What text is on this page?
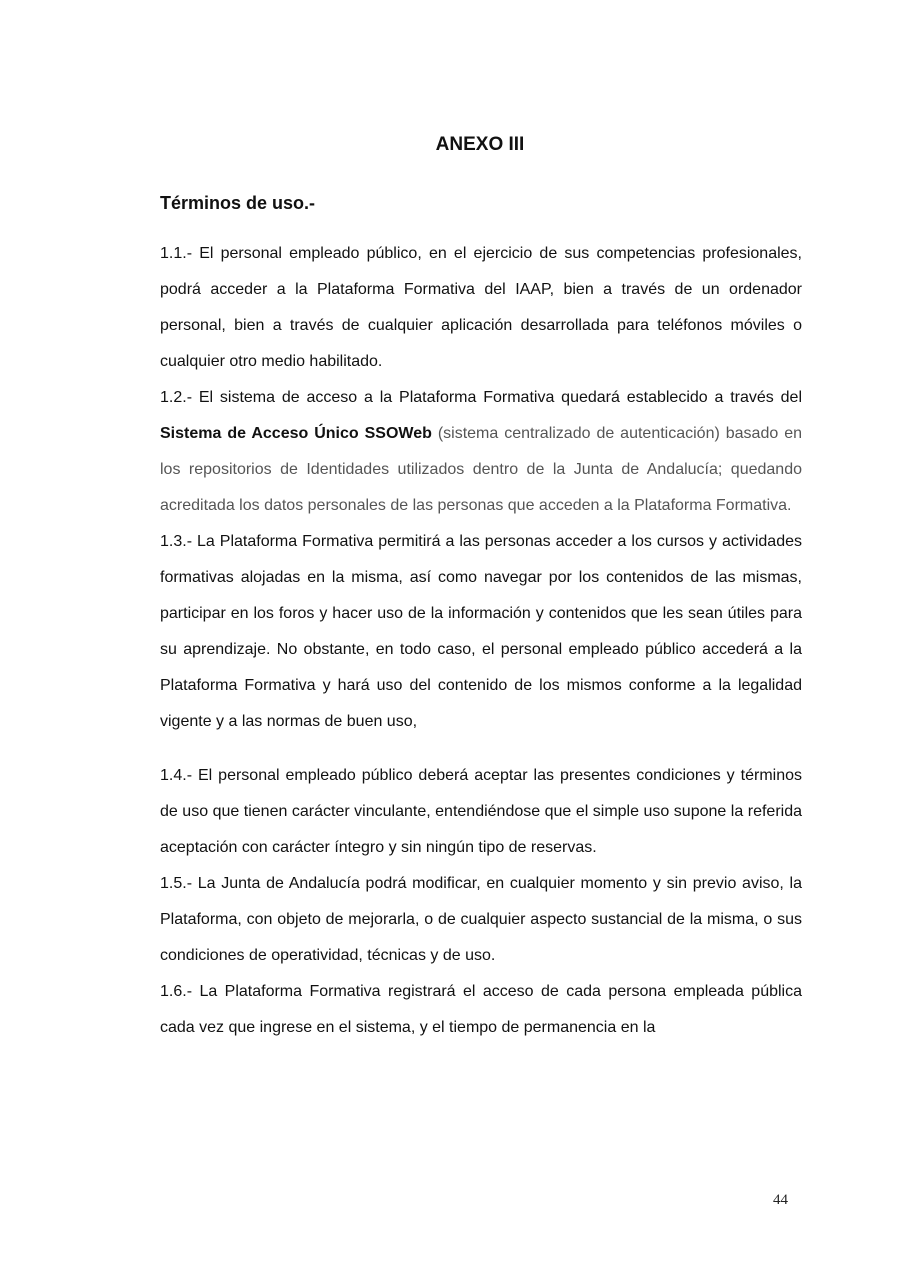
ANEXO III
Términos de uso.-

1.1.- El personal empleado público, en el ejercicio de sus competencias profesionales, podrá acceder a la Plataforma Formativa del IAAP, bien a través de un ordenador personal, bien a través de cualquier aplicación desarrollada para teléfonos móviles o cualquier otro medio habilitado.

1.2.- El sistema de acceso a la Plataforma Formativa quedará establecido a través del Sistema de Acceso Único SSOWeb (sistema centralizado de autenticación) basado en los repositorios de Identidades utilizados dentro de la Junta de Andalucía; quedando acreditada los datos personales de las personas que acceden a la Plataforma Formativa.

1.3.- La Plataforma Formativa permitirá a las personas acceder a los cursos y actividades formativas alojadas en la misma, así como navegar por los contenidos de las mismas, participar en los foros y hacer uso de la información y contenidos que les sean útiles para su aprendizaje. No obstante, en todo caso, el personal empleado público accederá a la Plataforma Formativa y hará uso del contenido de los mismos conforme a la legalidad vigente y a las normas de buen uso,

1.4.- El personal empleado público deberá aceptar las presentes condiciones y términos de uso que tienen carácter vinculante, entendiéndose que el simple uso supone la referida aceptación con carácter íntegro y sin ningún tipo de reservas.

1.5.- La Junta de Andalucía podrá modificar, en cualquier momento y sin previo aviso, la Plataforma, con objeto de mejorarla, o de cualquier aspecto sustancial de la misma, o sus condiciones de operatividad, técnicas y de uso.

1.6.- La Plataforma Formativa registrará el acceso de cada persona empleada pública cada vez que ingrese en el sistema, y el tiempo de permanencia en la

44
